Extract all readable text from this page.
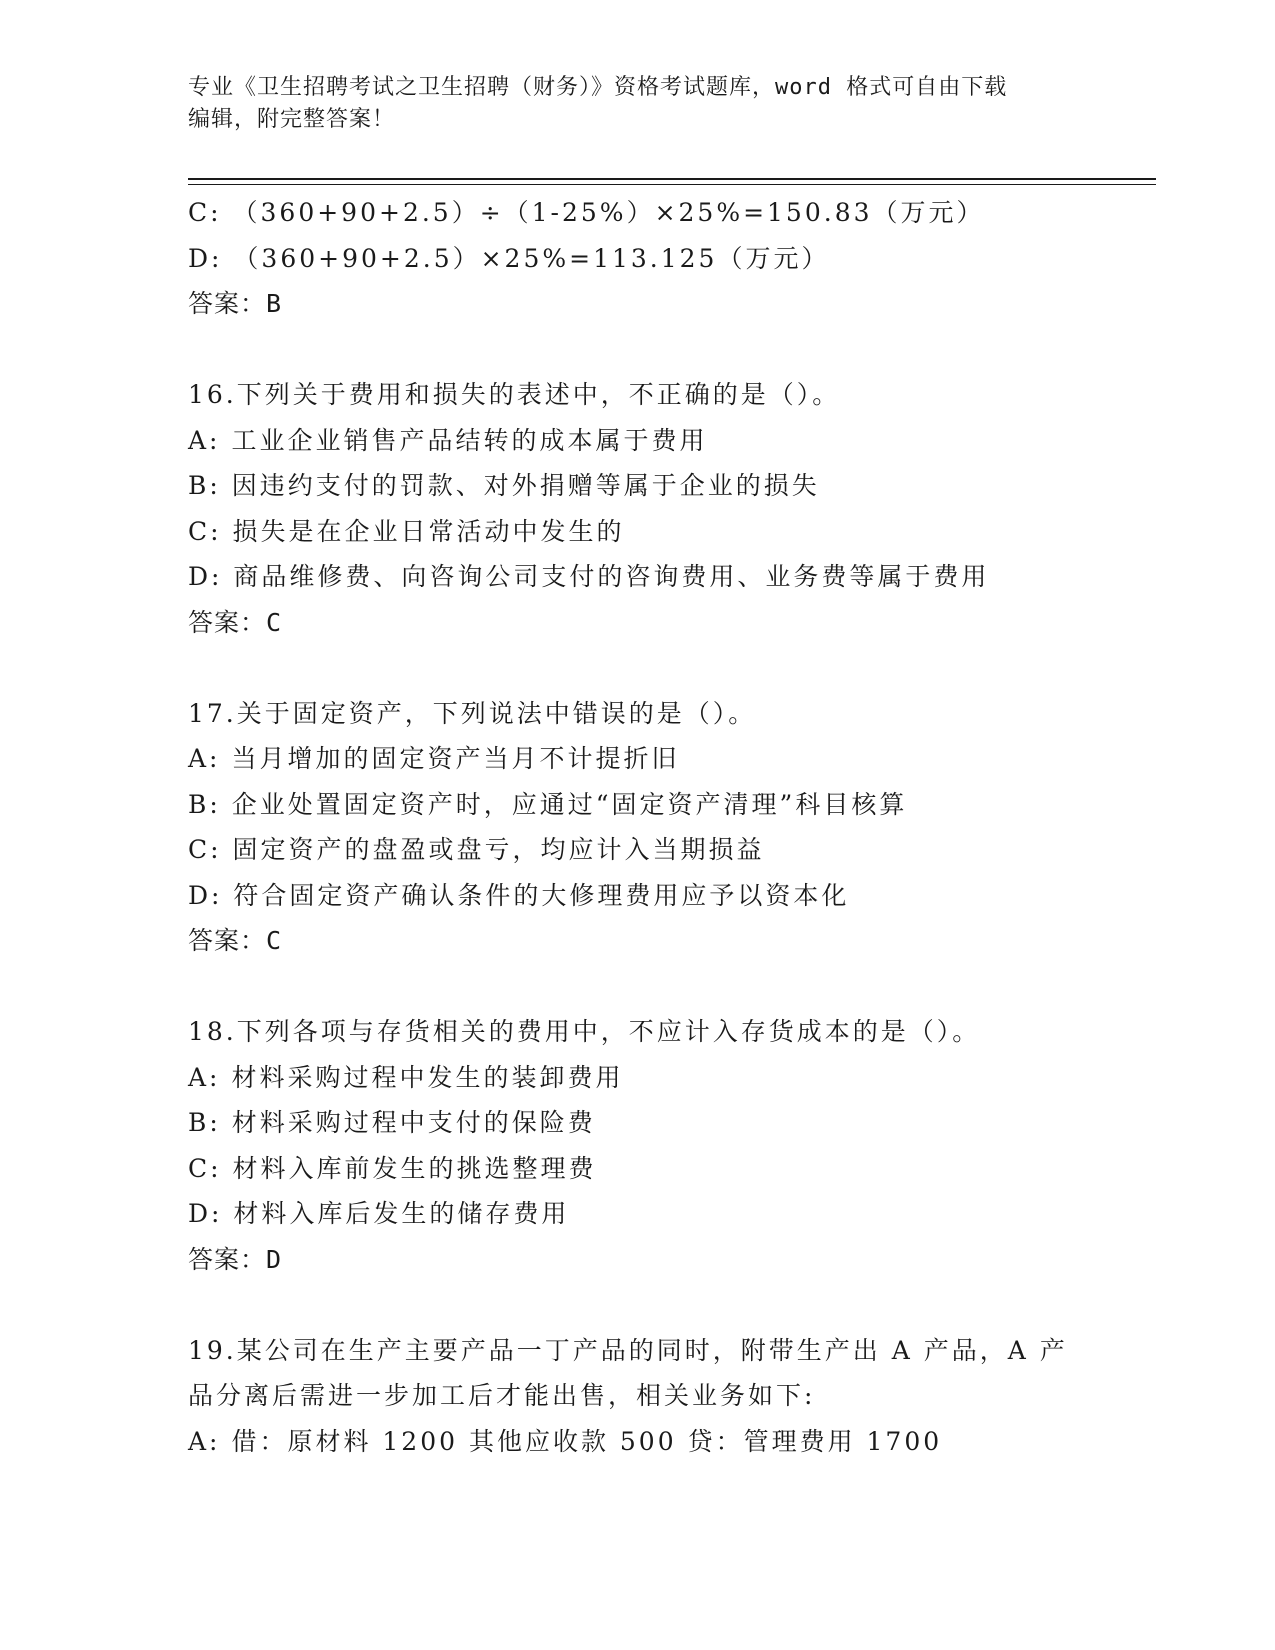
专业《卫生招聘考试之卫生招聘（财务）》资格考试题库，word 格式可自由下载
编辑，附完整答案！
C: （360+90+2.5）÷（1-25%）×25%=150.83（万元）
D: （360+90+2.5）×25%=113.125（万元）
答案：B
16.下列关于费用和损失的表述中，不正确的是（）。
A: 工业企业销售产品结转的成本属于费用
B: 因违约支付的罚款、对外捐赠等属于企业的损失
C: 损失是在企业日常活动中发生的
D: 商品维修费、向咨询公司支付的咨询费用、业务费等属于费用
答案：C
17.关于固定资产，下列说法中错误的是（）。
A: 当月增加的固定资产当月不计提折旧
B: 企业处置固定资产时，应通过“固定资产清理”科目核算
C: 固定资产的盘盈或盘亏，均应计入当期损益
D: 符合固定资产确认条件的大修理费用应予以资本化
答案：C
18.下列各项与存货相关的费用中，不应计入存货成本的是（）。
A: 材料采购过程中发生的装卸费用
B: 材料采购过程中支付的保险费
C: 材料入库前发生的挑选整理费
D: 材料入库后发生的储存费用
答案：D
19.某公司在生产主要产品一丁产品的同时，附带生产出 A 产品，A 产
品分离后需进一步加工后才能出售，相关业务如下:
A: 借：原材料 1200 其他应收款 500 贷：管理费用 1700
